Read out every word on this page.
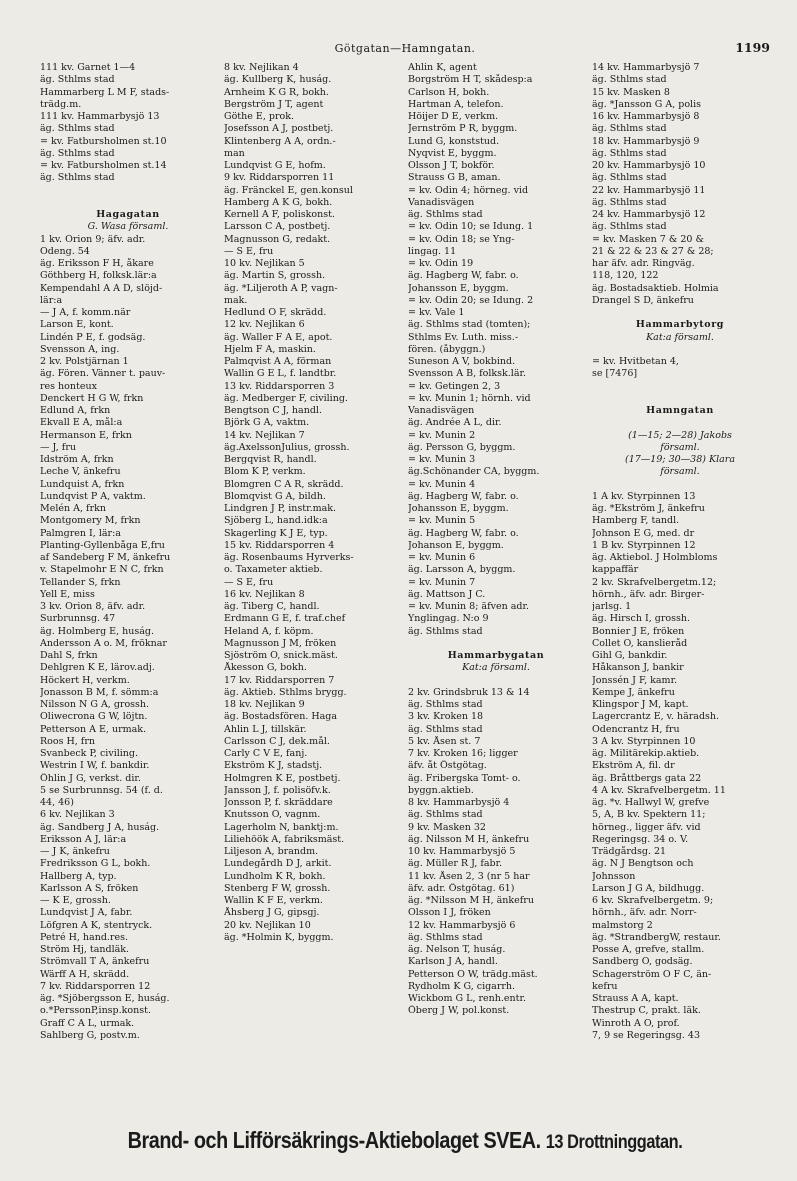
Götgatan—Hamngatan.	1199
111 kv. Garnet 1—4
äg. Sthlms stad
Hammarberg L M F, stads-
trädg.m.
111 kv. Hammarbysjö 13
äg. Sthlms stad
= kv. Fatbursholmen st.10
äg. Sthlms stad
= kv. Fatbursholmen st.14
äg. Sthlms stad
Hagagatan
G. Wasa församl.
1 kv. Orion 9; äfv. adr.
Odeng. 54
äg. Eriksson F H, åkare
Göthberg H, folksk.lär:a
Kempendahl A A D, slöjd-
lär:a
— J A, f. komm.när
Larson E, kont.
Lindén P E, f. godsäg.
Svensson A, ing.
2 kv. Polstjärnan 1
äg. Fören. Vänner t. pauv-
res honteux
Denckert H G W, frkn
Edlund A, frkn
Ekvall E A, mål:a
Hermanson E, frkn
— J, fru
Idström A, frkn
Leche V, änkefru
Lundquist A, frkn
Lundqvist P A, vaktm.
Melén A, frkn
Montgomery M, frkn
Palmgren I, lär:a
Planting-Gyllenbåga E,fru
af Sandeberg F M, änkefru
v. Stapelmohr E N C, frkn
Tellander S, frkn
Yell E, miss
3 kv. Orion 8, äfv. adr.
Surbrunnsg. 47
äg. Holmberg E, huság.
Andersson A o. M, fröknar
Dahl S, frkn
Dehlgren K E, lärov.adj.
Höckert H, verkm.
Jonasson B M, f. sömm:a
Nilsson N G A, grossh.
Oliwecrona G W, löjtn.
Petterson A E, urmak.
Roos H, frn
Svanbeck P, civiling.
Westrin I W, f. bankdir.
Öhlin J G, verkst. dir.
5 se Surbrunnsg. 54 (f. d.
44, 46)
6 kv. Nejlikan 3
äg. Sandberg J A, huság.
Eriksson A J, lär:a
— J K, änkefru
Fredriksson G L, bokh.
Hallberg A, typ.
Karlsson A S, fröken
— K E, grossh.
Lundqvist J A, fabr.
Löfgren A K, stentryck.
Petré H, hand.res.
Ström Hj, tandläk.
Strömvall T A, änkefru
Wärff A H, skrädd.
7 kv. Riddarsporren 12
äg. *Sjöbergsson E, huság.
o.*PerssonP,insp.konst.
Graff C A L, urmak.
Sahlberg G, postv.m.
8 kv. Nejlikan 4
äg. Kullberg K, huság.
Arnheim K G R, bokh.
Bergström J T, agent
Göthe E, prok.
Josefsson A J, postbetj.
Klintenberg A A, ordn.-
man
Lundqvist G E, hofm.
9 kv. Riddarsporren 11
äg. Fränckel E, gen.konsul
Hamberg A K G, bokh.
Kernell A F, poliskonst.
Larsson C A, postbetj.
Magnusson G, redakt.
— S E, fru
10 kv. Nejlikan 5
äg. Martin S, grossh.
äg. *Liljeroth A P, vagn-
mak.
Hedlund O F, skrädd.
12 kv. Nejlikan 6
äg. Waller F A E, apot.
Hjelm F A, maskin.
Palmqvist A A, förman
Wallin G E L, f. landtbr.
13 kv. Riddarsporren 3
äg. Medberger F, civiling.
Bengtson C J, handl.
Björk G A, vaktm.
14 kv. Nejlikan 7
äg.AxelssonJulius, grossh.
Bergqvist R, handl.
Blom K P, verkm.
Blomgren C A R, skrädd.
Blomqvist G A, bildh.
Lindgren J P, instr.mak.
Sjöberg L, hand.idk:a
Skagerling K J E, typ.
15 kv. Riddarsporren 4
äg. Rosenbaums Hyrverks-
o. Taxameter aktieb.
— S E, fru
16 kv. Nejlikan 8
äg. Tiberg C, handl.
Erdmann G E, f. traf.chef
Heland A, f. köpm.
Magnusson J M, fröken
Sjöström O, snick.mäst.
Åkesson G, bokh.
17 kv. Riddarsporren 7
äg. Aktieb. Sthlms brygg.
18 kv. Nejlikan 9
äg. Bostadsfören. Haga
Ahlin L J, tillskär.
Carlsson C J, dek.mål.
Carly C V E, fanj.
Ekström K J, stadstj.
Holmgren K E, postbetj.
Jansson J, f. polisöfv.k.
Jonsson P, f. skräddare
Knutsson O, vagnm.
Lagerholm N, banktj:m.
Liliehöök A, fabriksmäst.
Liljeson A, brandm.
Lundegårdh D J, arkit.
Lundholm K R, bokh.
Stenberg F W, grossh.
Wallin K F E, verkm.
Åhsberg J G, gipsgj.
20 kv. Nejlikan 10
äg. *Holmin K, byggm.
Ahlin K, agent
Borgström H T, skådesp:a
Carlson H, bokh.
Hartman A, telefon.
Höijer D E, verkm.
Jernström P R, byggm.
Lund G, konststud.
Nyqvist E, byggm.
Olsson J T, bokför.
Strauss G B, aman.
= kv. Odin 4; hörneg. vid
Vanadisvägen
äg. Sthlms stad
= kv. Odin 10; se Idung. 1
= kv. Odin 18; se Yng-
lingag. 11
= kv. Odin 19
äg. Hagberg W, fabr. o.
Johansson E, byggm.
= kv. Odin 20; se Idung. 2
= kv. Vale 1
äg. Sthlms stad (tomten);
Sthlms Ev. Luth. miss.-
fören. (åbyggn.)
Suneson A V, bokbind.
Svensson A B, folksk.lär.
= kv. Getingen 2, 3
= kv. Munin 1; hörnh. vid
Vanadisvägen
äg. Andrée A L, dir.
= kv. Munin 2
äg. Persson G, byggm.
= kv. Munin 3
äg.Schönander CA, byggm.
= kv. Munin 4
äg. Hagberg W, fabr. o.
Johansson E, byggm.
= kv. Munin 5
äg. Hagberg W, fabr. o.
Johanson E, byggm.
= kv. Munin 6
äg. Larsson A, byggm.
= kv. Munin 7
äg. Mattson J C.
= kv. Munin 8; äfven adr.
Ynglingag. N:o 9
äg. Sthlms stad
Hammarbygatan
Kat:a församl.
2 kv. Grindsbruk 13 & 14
äg. Sthlms stad
3 kv. Kroken 18
äg. Sthlms stad
5 kv. Åsen st. 7
7 kv. Kroken 16; ligger
äfv. åt Östgötag.
äg. Fribergska Tomt- o.
byggn.aktieb.
8 kv. Hammarbysjö 4
äg. Sthlms stad
9 kv. Masken 32
äg. Nilsson M H, änkefru
10 kv. Hammarbysjö 5
äg. Müller R J, fabr.
11 kv. Åsen 2, 3 (nr 5 har
äfv. adr. Östgötag. 61)
äg. *Nilsson M H, änkefru
Olsson I J, fröken
12 kv. Hammarbysjö 6
äg. Sthlms stad
äg. Nelson T, huság.
Karlson J A, handl.
Petterson O W, trädg.mäst.
Rydholm K G, cigarrh.
Wickbom G L, renh.entr.
Öberg J W, pol.konst.
14 kv. Hammarbysjö 7
äg. Sthlms stad
15 kv. Masken 8
äg. *Jansson G A, polis
16 kv. Hammarbysjö 8
äg. Sthlms stad
18 kv. Hammarbysjö 9
äg. Sthlms stad
20 kv. Hammarbysjö 10
äg. Sthlms stad
22 kv. Hammarbysjö 11
äg. Sthlms stad
24 kv. Hammarbysjö 12
äg. Sthlms stad
= kv. Masken 7 & 20 &
21 & 22 & 23 & 27 & 28;
har äfv. adr. Ringväg.
118, 120, 122
äg. Bostadsaktieb. Holmia
Drangel S D, änkefru
Hammarbytorg
Kat:a församl.
= kv. Hvitbetan 4,
se [7476]
Hamngatan
(1—15; 2—28) Jakobs
församl.
(17—19; 30—38) Klara
församl.
1 A kv. Styrpinnen 13
äg. *Ekström J, änkefru
Hamberg F, tandl.
Johnson E G, med. dr
1 B kv. Styrpinnen 12
äg. Aktiebol. J Holmbloms
kappaffär
2 kv. Skrafvelbergetm.12;
hörnh., äfv. adr. Birger-
jarlsg. 1
äg. Hirsch I, grossh.
Bonnier J E, fröken
Collet O, kanslieråd
Gihl G, bankdir.
Håkanson J, bankir
Jonssén J F, kamr.
Kempe J, änkefru
Klingspor J M, kapt.
Lagercrantz E, v. häradsh.
Odencrantz H, fru
3 A kv. Styrpinnen 10
äg. Militärekip.aktieb.
Ekström A, fil. dr
äg. Bråttbergs gata 22
4 A kv. Skrafvelbergetm. 11
äg. *v. Hallwyl W, grefve
5, A, B kv. Spektern 11;
hörneg., ligger äfv. vid
Regeringsg. 34 o. V.
Trädgårdsg. 21
äg. N J Bengtson och
Johnsson
Larson J G A, bildhugg.
6 kv. Skrafvelbergetm. 9;
hörnh., äfv. adr. Norr-
malmstorg 2
äg. *StrandbergW, restaur.
Posse A, grefve, stallm.
Sandberg O, godsäg.
Schagerström O F C, än-
kefru
Strauss A A, kapt.
Thestrup C, prakt. läk.
Winroth A O, prof.
7, 9 se Regeringsg. 43
Brand- och Lifförsäkrings-Aktiebolaget SVEA. 13 Drottninggatan.
